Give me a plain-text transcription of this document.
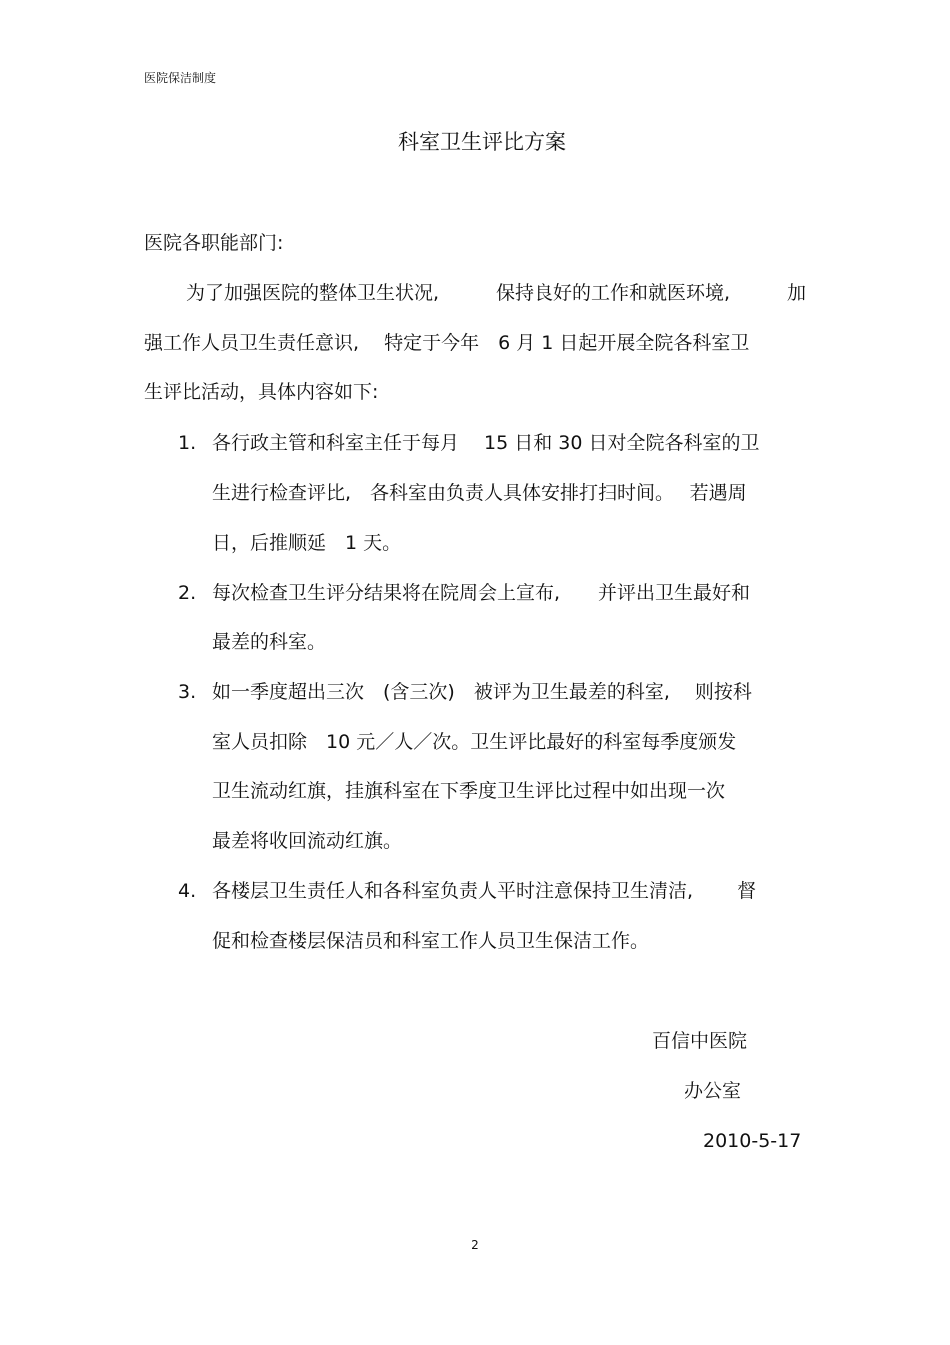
医院保洁制度
科室卫生评比方案
医院各职能部门:
为了加强医院的整体卫生状况,	保持良好的工作和就医环境,	加
强工作人员卫生责任意识, 　特定于今年　6 月 1 日起开展全院各科室卫
生评比活动，具体内容如下:
1. 各行政主管和科室主任于每月　 15 日和 30 日对全院各科室的卫
生进行检查评比,　各科室由负责人具体安排打扫时间。　 若遇周
日，后推顺延　1 天。
2. 每次检查卫生评分结果将在院周会上宣布,　　并评出卫生最好和
最差的科室。
3. 如一季度超出三次　(含三次)　被评为卫生最差的科室,　 则按科
室人员扣除　10 元／人／次。卫生评比最好的科室每季度颁发
卫生流动红旗，挂旗科室在下季度卫生评比过程中如出现一次
最差将收回流动红旗。
4. 各楼层卫生责任人和各科室负责人平时注意保持卫生清洁,　　 督
促和检查楼层保洁员和科室工作人员卫生保洁工作。
百信中医院
办公室
2010-5-17
2
